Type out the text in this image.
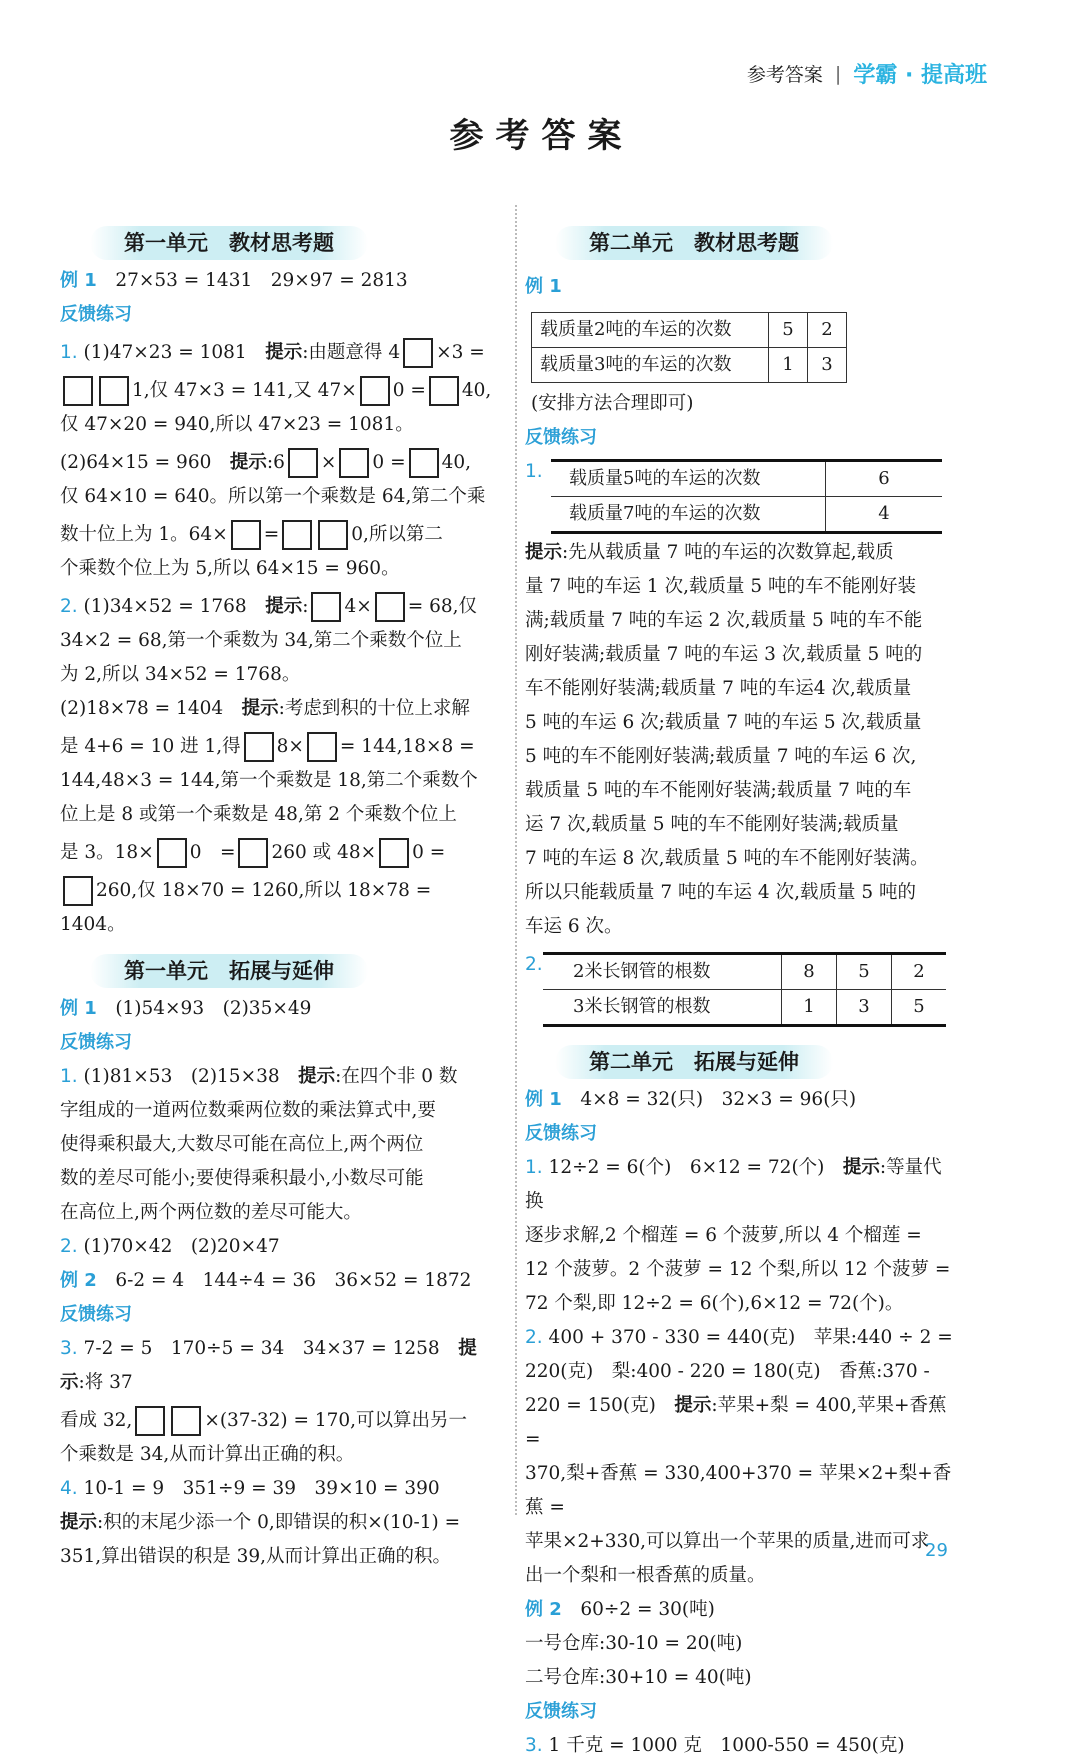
参考答案 | 学霸 · 提高班
参考答案
第一单元　教材思考题

例 1　 27×53 = 1431　29×97 = 2813

反馈练习

1. (1)47×23 = 1081　提示:由题意得 4 ×3 =

1,仅 47×3 = 141,又 47× 0 = 40,

仅 47×20 = 940,所以 47×23 = 1081。

(2)64×15 = 960　提示:6 × 0 = 40,

仅 64×10 = 640。所以第一个乘数是 64,第二个乘

数十位上为 1。64× =	0,所以第二

个乘数个位上为 5,所以 64×15 = 960。

2. (1)34×52 = 1768　提示: 4× = 68,仅

34×2 = 68,第一个乘数为 34,第二个乘数个位上

为 2,所以 34×52 = 1768。

(2)18×78 = 1404　提示:考虑到积的十位上求解

是 4+6 = 10 进 1,得 8× = 144,18×8 =

144,48×3 = 144,第一个乘数是 18,第二个乘数个

位上是 8 或第一个乘数是 48,第 2 个乘数个位上

是 3。18× 0　= 260 或 48× 0 =

260,仅 18×70 = 1260,所以 18×78 = 1404。

第一单元　拓展与延伸

例 1　 (1)54×93　(2)35×49

反馈练习

1. (1)81×53　(2)15×38　提示:在四个非 0 数

字组成的一道两位数乘两位数的乘法算式中,要

使得乘积最大,大数尽可能在高位上,两个两位

数的差尽可能小;要使得乘积最小,小数尽可能

在高位上,两个两位数的差尽可能大。

2. (1)70×42　(2)20×47

例 2　 6-2 = 4　144÷4 = 36　36×52 = 1872

反馈练习

3. 7-2 = 5　170÷5 = 34　34×37 = 1258　提示:将 37

看成 32,	×(37-32) = 170,可以算出另一

个乘数是 34,从而计算出正确的积。

4. 10-1 = 9　351÷9 = 39　39×10 = 390

提示:积的末尾少添一个 0,即错误的积×(10-1) =

351,算出错误的积是 39,从而计算出正确的积。

第二单元　教材思考题

例 1

载质量2吨的车运的次数	5	2
载质量3吨的车运的次数	1	3

(安排方法合理即可)

反馈练习

1.	载质量5吨的车运的次数	6
载质量7吨的车运的次数	4

提示:先从载质量 7 吨的车运的次数算起,载质

量 7 吨的车运 1 次,载质量 5 吨的车不能刚好装

满;载质量 7 吨的车运 2 次,载质量 5 吨的车不能

刚好装满;载质量 7 吨的车运 3 次,载质量 5 吨的

车不能刚好装满;载质量 7 吨的车运4 次,载质量

5 吨的车运 6 次;载质量 7 吨的车运 5 次,载质量

5 吨的车不能刚好装满;载质量 7 吨的车运 6 次,

载质量 5 吨的车不能刚好装满;载质量 7 吨的车

运 7 次,载质量 5 吨的车不能刚好装满;载质量

7 吨的车运 8 次,载质量 5 吨的车不能刚好装满。

所以只能载质量 7 吨的车运 4 次,载质量 5 吨的

车运 6 次。

2. 2米长钢管的根数	8	5	2
3米长钢管的根数	1	3	5
第二单元　拓展与延伸

例 1　 4×8 = 32(只)　32×3 = 96(只)

反馈练习

1. 12÷2 = 6(个)　6×12 = 72(个)　提示:等量代换

逐步求解,2 个榴莲 = 6 个菠萝,所以 4 个榴莲 =

12 个菠萝。2 个菠萝 = 12 个梨,所以 12 个菠萝 =

72 个梨,即 12÷2 = 6(个),6×12 = 72(个)。

2. 400 + 370 - 330 = 440(克)　苹果:440 ÷ 2 =

220(克)　梨:400 - 220 = 180(克)　香蕉:370 -

220 = 150(克)　提示:苹果+梨 = 400,苹果+香蕉 =

370,梨+香蕉 = 330,400+370 = 苹果×2+梨+香蕉 =

苹果×2+330,可以算出一个苹果的质量,进而可求

出一个梨和一根香蕉的质量。

例 2　 60÷2 = 30(吨)

一号仓库:30-10 = 20(吨)

二号仓库:30+10 = 40(吨)

反馈练习

3. 1 千克 = 1000 克　1000-550 = 450(克)

29
